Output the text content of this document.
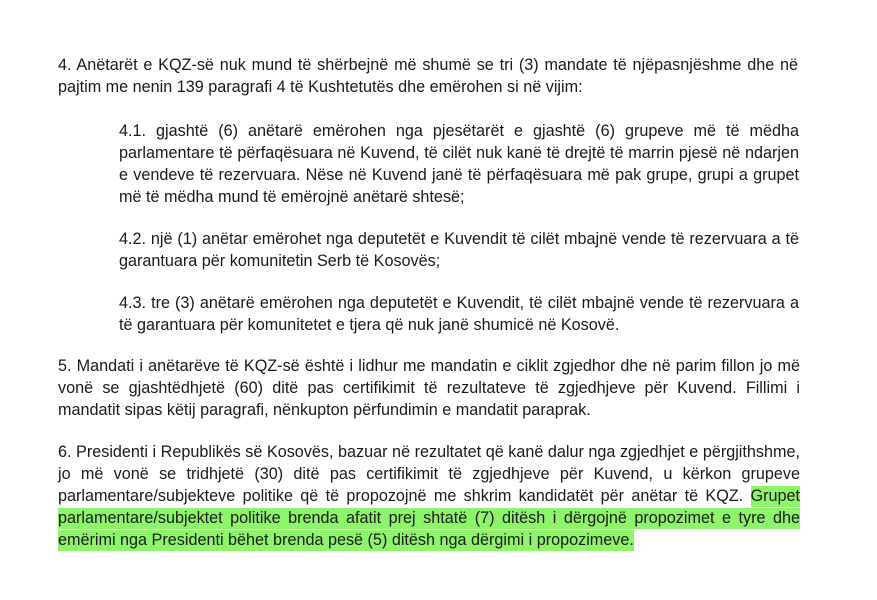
4. Anëtarët e KQZ-së nuk mund të shërbejnë më shumë se tri (3) mandate të njëpasnjëshme dhe në pajtim me nenin 139 paragrafi 4 të Kushtetutës dhe emërohen si në vijim:

4.1. gjashtë (6) anëtarë emërohen nga pjesëtarët e gjashtë (6) grupeve më të mëdha parlamentare të përfaqësuara në Kuvend, të cilët nuk kanë të drejtë të marrin pjesë në ndarjen e vendeve të rezervuara. Nëse në Kuvend janë të përfaqësuara më pak grupe, grupi a grupet më të mëdha mund të emërojnë anëtarë shtesë;

4.2. një (1) anëtar emërohet nga deputetët e Kuvendit të cilët mbajnë vende të rezervuara a të garantuara për komunitetin Serb të Kosovës;

4.3. tre (3) anëtarë emërohen nga deputetët e Kuvendit, të cilët mbajnë vende të rezervuara a të garantuara për komunitetet e tjera që nuk janë shumicë në Kosovë.

5. Mandati i anëtarëve të KQZ-së është i lidhur me mandatin e ciklit zgjedhor dhe në parim fillon jo më vonë se gjashtëdhjetë (60) ditë pas certifikimit të rezultateve të zgjedhjeve për Kuvend. Fillimi i mandatit sipas këtij paragrafi, nënkupton përfundimin e mandatit paraprak.

6. Presidenti i Republikës së Kosovës, bazuar në rezultatet që kanë dalur nga zgjedhjet e përgjithshme, jo më vonë se tridhjetë (30) ditë pas certifikimit të zgjedhjeve për Kuvend, u kërkon grupeve parlamentare/subjekteve politike që të propozojnë me shkrim kandidatët për anëtar të KQZ. Grupet parlamentare/subjektet politike brenda afatit prej shtatë (7) ditësh i dërgojnë propozimet e tyre dhe emërimi nga Presidenti bëhet brenda pesë (5) ditësh nga dërgimi i propozimeve.
